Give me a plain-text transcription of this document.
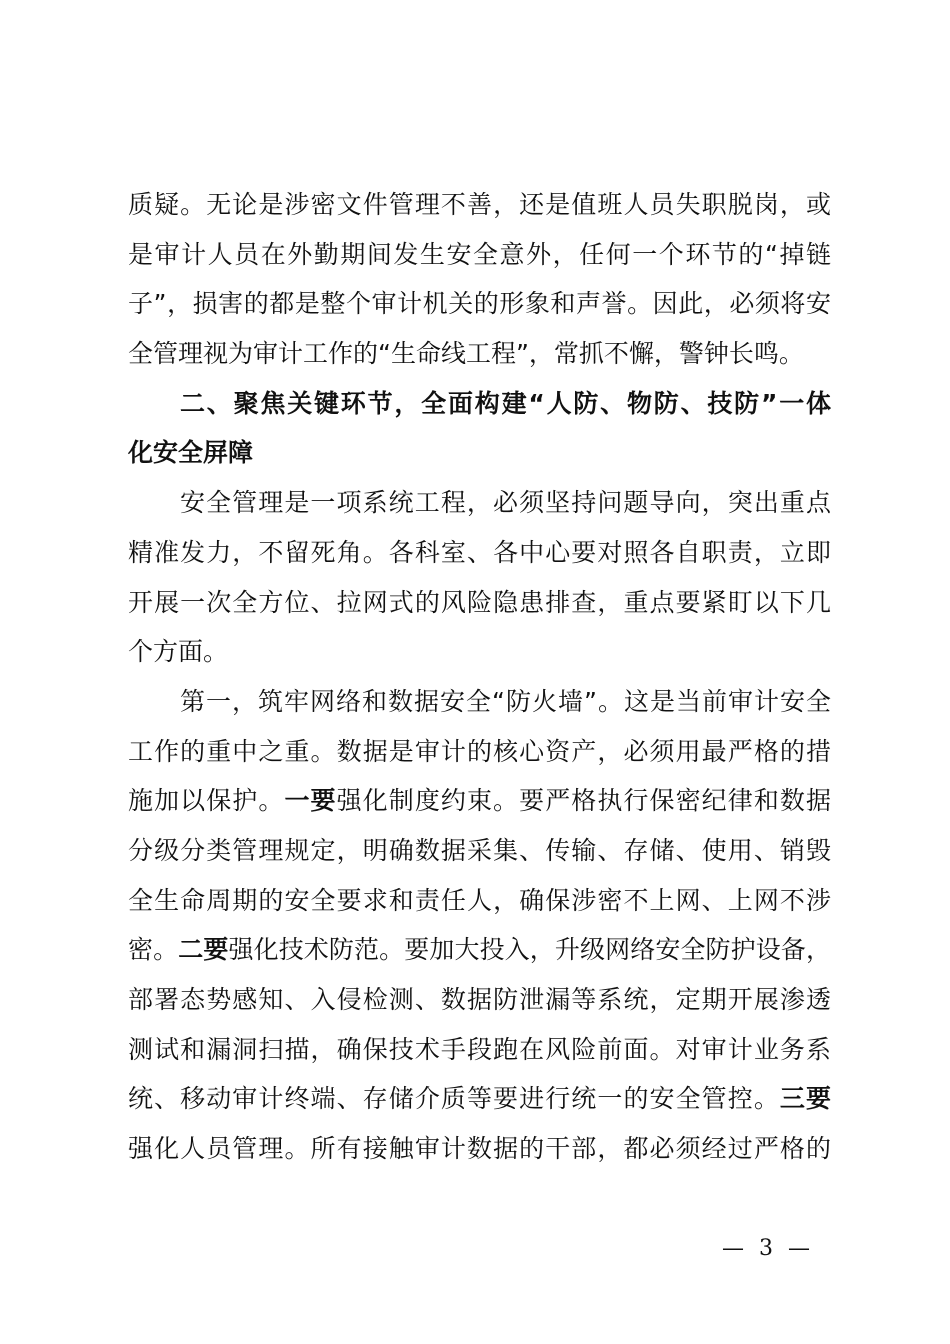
质疑。无论是涉密文件管理不善，还是值班人员失职脱岗，或
是审计人员在外勤期间发生安全意外，任何一个环节的“掉链
子”，损害的都是整个审计机关的形象和声誉。因此，必须将安
全管理视为审计工作的“生命线工程”，常抓不懈，警钟长鸣。
二、聚焦关键环节，全面构建“人防、物防、技防”一体
化安全屏障
安全管理是一项系统工程，必须坚持问题导向，突出重点
精准发力，不留死角。各科室、各中心要对照各自职责，立即
开展一次全方位、拉网式的风险隐患排查，重点要紧盯以下几
个方面。
第一，筑牢网络和数据安全“防火墙”。这是当前审计安全
工作的重中之重。数据是审计的核心资产，必须用最严格的措
施加以保护。一要强化制度约束。要严格执行保密纪律和数据
分级分类管理规定，明确数据采集、传输、存储、使用、销毁
全生命周期的安全要求和责任人，确保涉密不上网、上网不涉
密。二要强化技术防范。要加大投入，升级网络安全防护设备，
部署态势感知、入侵检测、数据防泄漏等系统，定期开展渗透
测试和漏洞扫描，确保技术手段跑在风险前面。对审计业务系
统、移动审计终端、存储介质等要进行统一的安全管控。三要
强化人员管理。所有接触审计数据的干部，都必须经过严格的
— 3 —
